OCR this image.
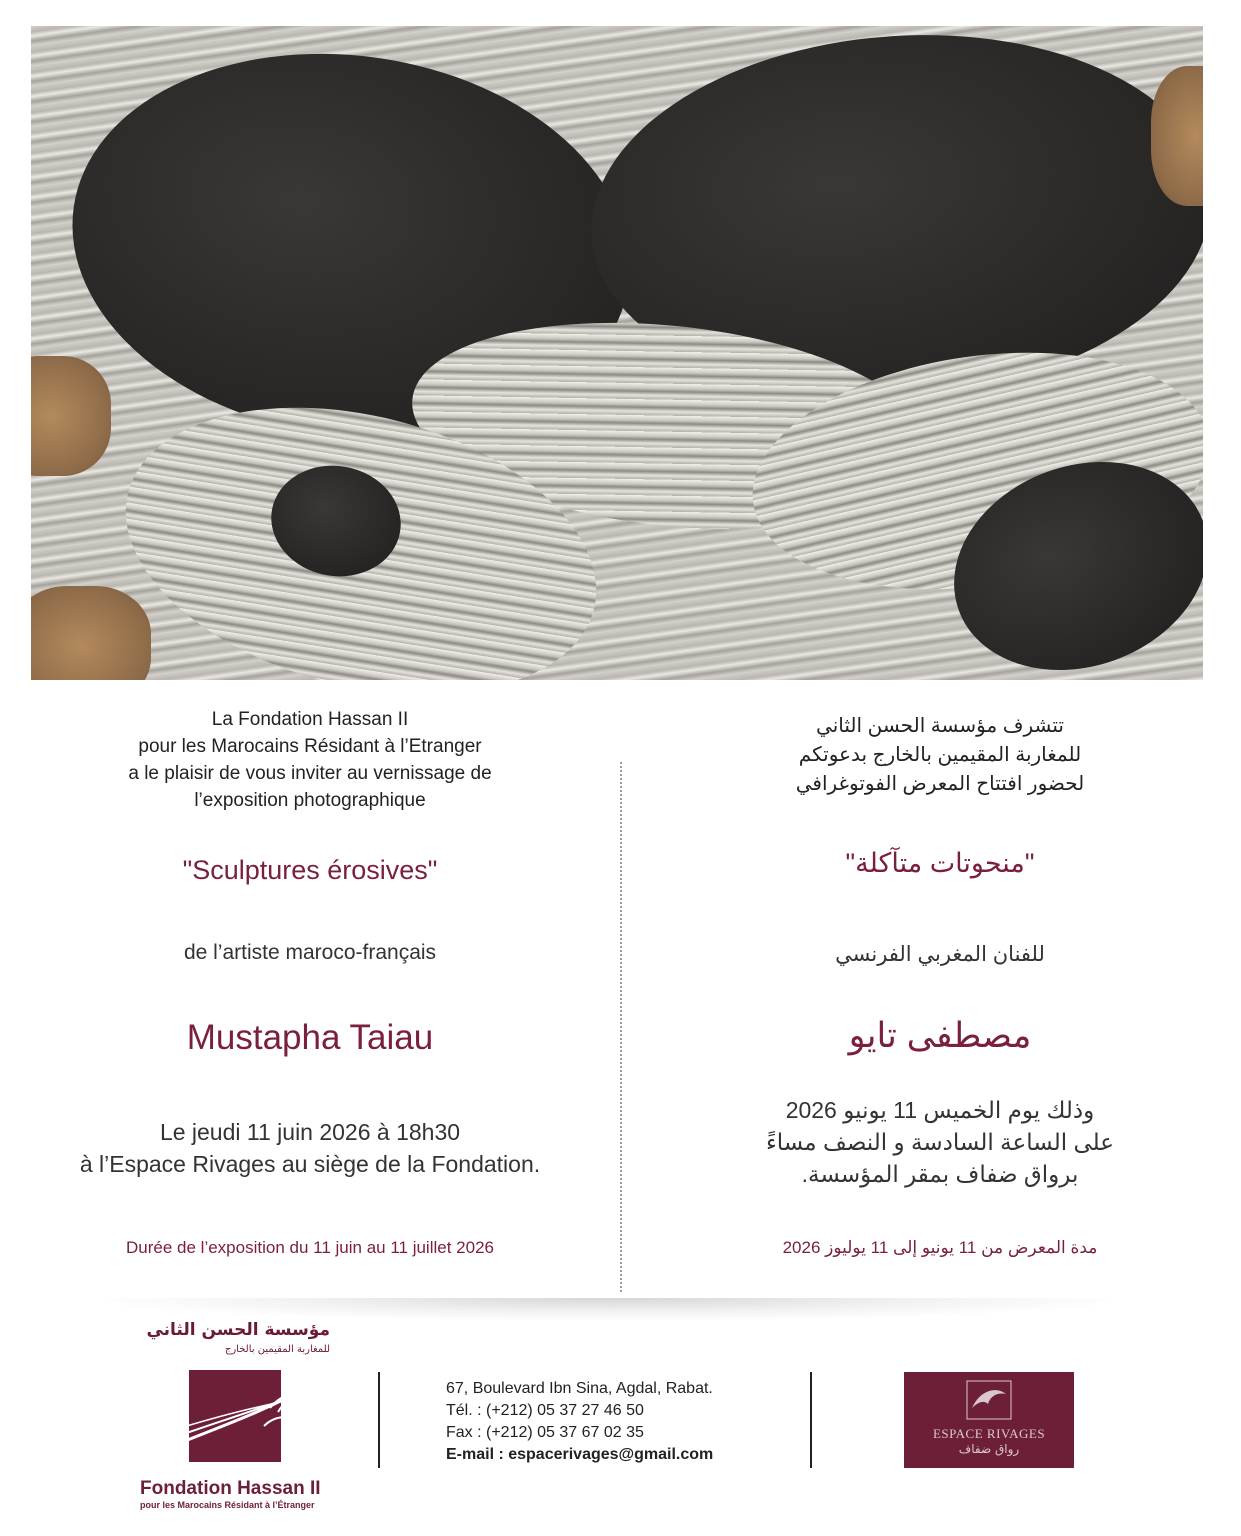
La Fondation Hassan II
pour les Marocains Résidant à l’Etranger
a le plaisir de vous inviter au vernissage de
l’exposition photographique
"Sculptures érosives"
de l’artiste maroco-français
Mustapha Taiau
Le jeudi 11 juin 2026 à 18h30
à l’Espace Rivages au siège de la Fondation.
Durée de l’exposition du 11 juin au 11 juillet 2026
تتشرف مؤسسة الحسن الثاني
للمغاربة المقيمين بالخارج بدعوتكم
لحضور افتتاح المعرض الفوتوغرافي
"منحوتات متآكلة"
للفنان المغربي الفرنسي
مصطفى تايو
وذلك يوم الخميس 11 يونيو 2026
على الساعة السادسة و النصف مساءً
برواق ضفاف بمقر المؤسسة.
مدة المعرض من 11 يونيو إلى 11 يوليوز 2026
مؤسسة الحسن الثاني
للمغاربة المقيمين بالخارج
Fondation Hassan II
pour les Marocains Résidant à l’Étranger
67, Boulevard Ibn Sina, Agdal, Rabat.
Tél. : (+212) 05 37 27 46 50
Fax : (+212) 05 37 67 02 35
E-mail : espacerivages@gmail.com
ESPACE RIVAGES
رواق ضفاف
